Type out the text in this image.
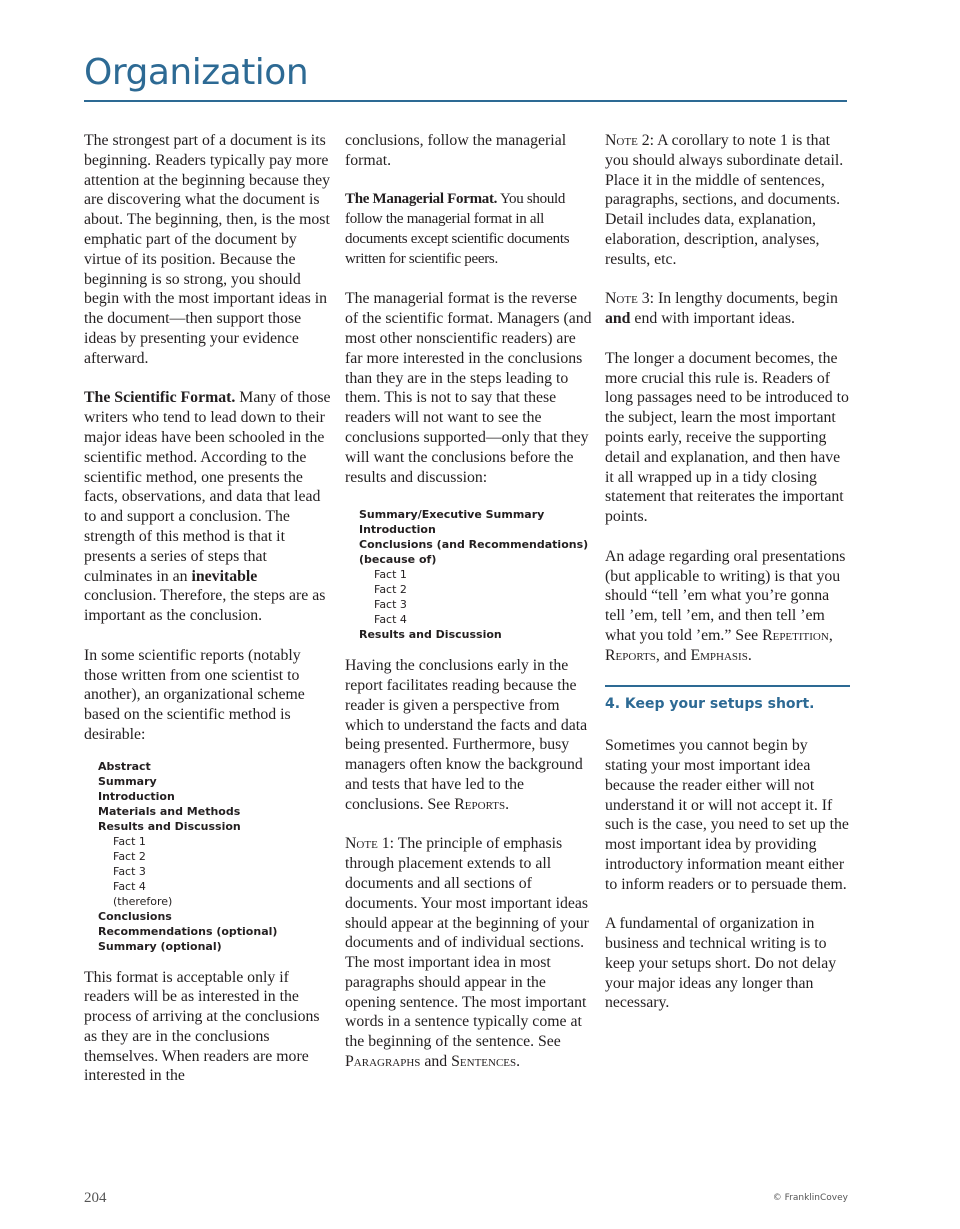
Organization

The strongest part of a document is its beginning. Readers typically pay more attention at the beginning because they are discovering what the document is about. The beginning, then, is the most emphatic part of the document by virtue of its position. Because the beginning is so strong, you should begin with the most important ideas in the document—then support those ideas by presenting your evidence afterward.

The Scientific Format. Many of those writers who tend to lead down to their major ideas have been schooled in the scientific method. According to the scientific method, one presents the facts, observations, and data that lead to and support a conclusion. The strength of this method is that it presents a series of steps that culminates in an inevitable conclusion. Therefore, the steps are as important as the conclusion.

In some scientific reports (notably those written from one scientist to another), an organizational scheme based on the scientific method is desirable:

Abstract
Summary
Introduction
Materials and Methods
Results and Discussion
Fact 1
Fact 2
Fact 3
Fact 4
(therefore)
Conclusions
Recommendations (optional)
Summary (optional)

This format is acceptable only if readers will be as interested in the process of arriving at the conclusions as they are in the conclusions themselves. When readers are more interested in the

conclusions, follow the managerial format.

The Managerial Format. You should follow the managerial format in all documents except scientific documents written for scientific peers.

The managerial format is the reverse of the scientific format. Managers (and most other nonscientific readers) are far more interested in the conclusions than they are in the steps leading to them. This is not to say that these readers will not want to see the conclusions supported—only that they will want the conclusions before the results and discussion:

Summary/Executive Summary
Introduction
Conclusions (and Recommendations)
(because of)
Fact 1
Fact 2
Fact 3
Fact 4
Results and Discussion

Having the conclusions early in the report facilitates reading because the reader is given a perspective from which to understand the facts and data being presented. Furthermore, busy managers often know the background and tests that have led to the conclusions. See Reports.

Note 1: The principle of emphasis through placement extends to all documents and all sections of documents. Your most important ideas should appear at the beginning of your documents and of individual sections. The most important idea in most paragraphs should appear in the opening sentence. The most important words in a sentence typically come at the beginning of the sentence. See Paragraphs and Sentences.

Note 2: A corollary to note 1 is that you should always subordinate detail. Place it in the middle of sentences, paragraphs, sections, and documents. Detail includes data, explanation, elaboration, description, analyses, results, etc.

Note 3: In lengthy documents, begin and end with important ideas.

The longer a document becomes, the more crucial this rule is. Readers of long passages need to be introduced to the subject, learn the most important points early, receive the supporting detail and explanation, and then have it all wrapped up in a tidy closing statement that reiterates the important points.

An adage regarding oral presentations (but applicable to writing) is that you should “tell ’em what you’re gonna tell ’em, tell ’em, and then tell ’em what you told ’em.” See Repetition, Reports, and Emphasis.

4. Keep your setups short.

Sometimes you cannot begin by stating your most important idea because the reader either will not understand it or will not accept it. If such is the case, you need to set up the most important idea by providing introductory information meant either to inform readers or to persuade them.

A fundamental of organization in business and technical writing is to keep your setups short. Do not delay your major ideas any longer than necessary.

204	© FranklinCovey
